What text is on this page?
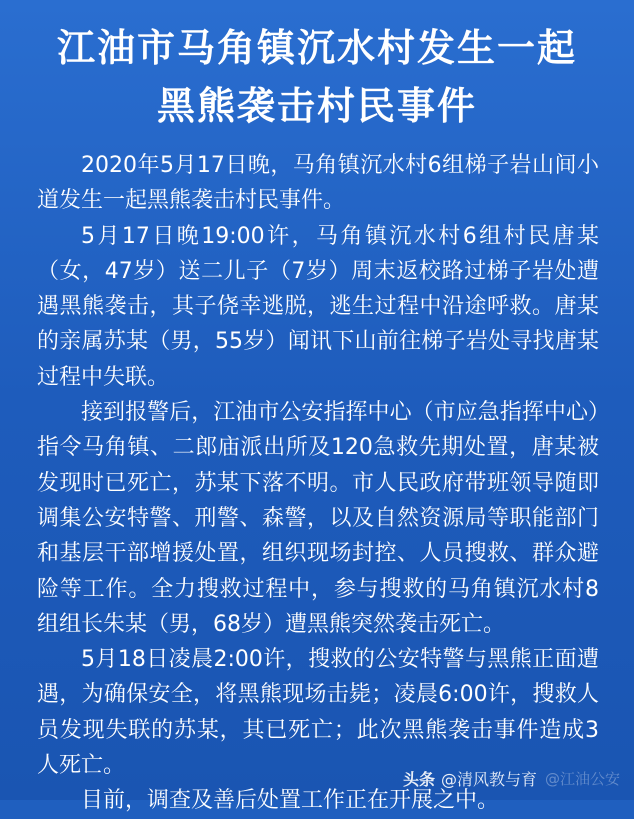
江油市马角镇沉水村发生一起
黑熊袭击村民事件

2020年5月17日晚，马角镇沉水村6组梯子岩山间小道发生一起黑熊袭击村民事件。

5月17日晚19:00许，马角镇沉水村6组村民唐某（女，47岁）送二儿子（7岁）周末返校路过梯子岩处遭遇黑熊袭击，其子侥幸逃脱，逃生过程中沿途呼救。唐某的亲属苏某（男，55岁）闻讯下山前往梯子岩处寻找唐某过程中失联。

接到报警后，江油市公安指挥中心（市应急指挥中心）指令马角镇、二郎庙派出所及120急救先期处置，唐某被发现时已死亡，苏某下落不明。市人民政府带班领导随即调集公安特警、刑警、森警，以及自然资源局等职能部门和基层干部增援处置，组织现场封控、人员搜救、群众避险等工作。全力搜救过程中，参与搜救的马角镇沉水村8组组长朱某（男，68岁）遭黑熊突然袭击死亡。

5月18日凌晨2:00许，搜救的公安特警与黑熊正面遭遇，为确保安全，将黑熊现场击毙；凌晨6:00许，搜救人员发现失联的苏某，其已死亡；此次黑熊袭击事件造成3人死亡。

目前，调查及善后处置工作正在开展之中。

头条 @清风教与育 @江油公安
